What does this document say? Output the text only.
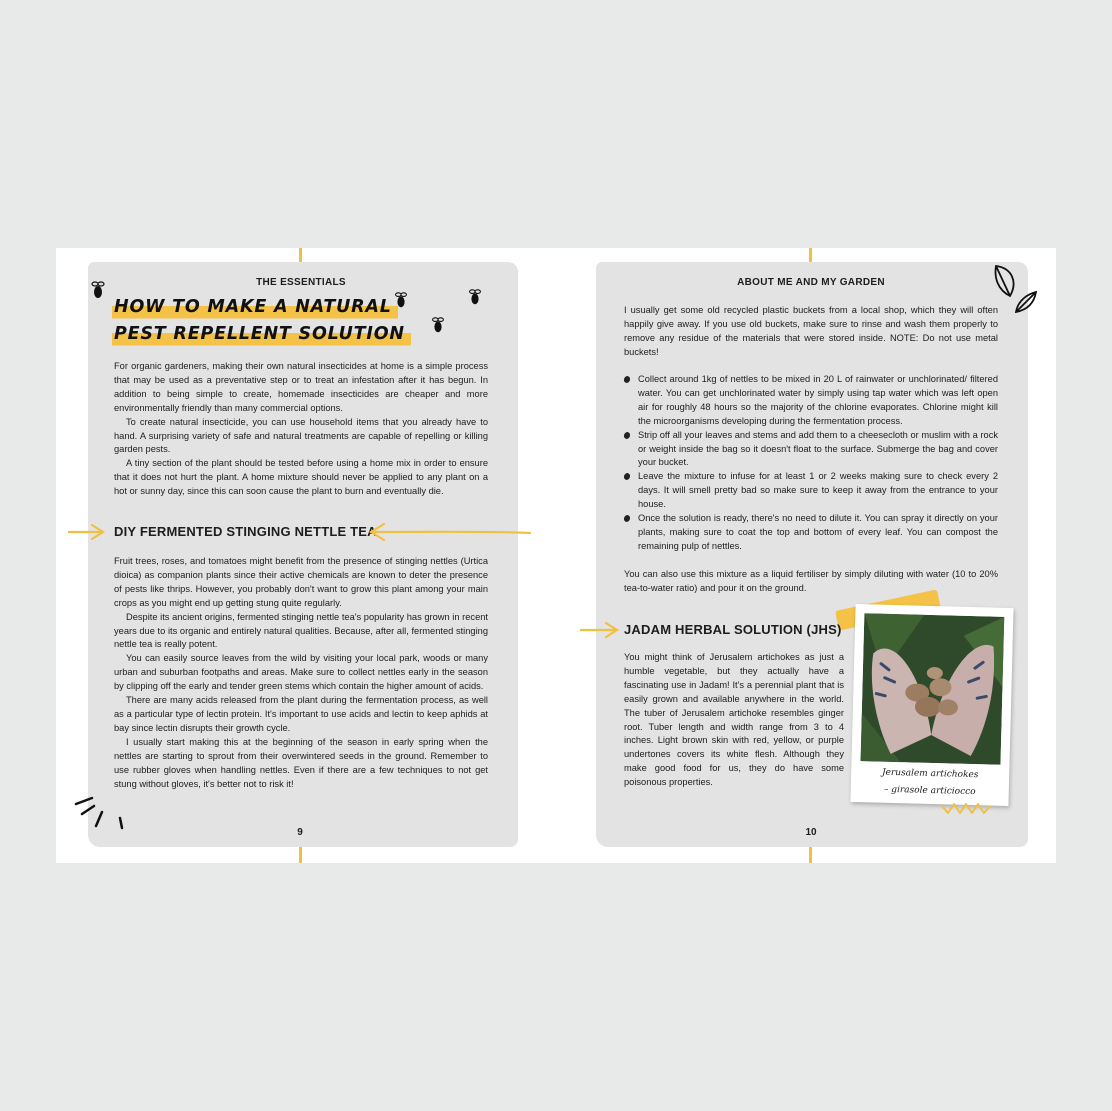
THE ESSENTIALS
HOW TO MAKE A NATURAL
PEST REPELLENT SOLUTION

For organic gardeners, making their own natural insecticides at home is a simple process that may be used as a preventative step or to treat an infestation after it has begun. In addition to being simple to create, homemade insecticides are cheaper and more environmentally friendly than many commercial options.

To create natural insecticide, you can use household items that you already have to hand. A surprising variety of safe and natural treatments are capable of repelling or killing garden pests.

A tiny section of the plant should be tested before using a home mix in order to ensure that it does not hurt the plant. A home mixture should never be applied to any plant on a hot or sunny day, since this can soon cause the plant to burn and eventually die.

DIY FERMENTED STINGING NETTLE TEA

Fruit trees, roses, and tomatoes might benefit from the presence of stinging nettles (Urtica dioica) as companion plants since their active chemicals are known to deter the presence of pests like thrips. However, you probably don't want to grow this plant among your main crops as you might end up getting stung quite regularly.

Despite its ancient origins, fermented stinging nettle tea's popularity has grown in recent years due to its organic and entirely natural qualities. Because, after all, fermented stinging nettle tea is really potent.

You can easily source leaves from the wild by visiting your local park, woods or many urban and suburban footpaths and areas. Make sure to collect nettles early in the season by clipping off the early and tender green stems which contain the higher amount of acids.

There are many acids released from the plant during the fermentation process, as well as a particular type of lectin protein. It's important to use acids and lectin to keep aphids at bay since lectin disrupts their growth cycle.

I usually start making this at the beginning of the season in early spring when the nettles are starting to sprout from their overwintered seeds in the ground. Remember to use rubber gloves when handling nettles. Even if there are a few techniques to not get stung without gloves, it's better not to risk it!

9
ABOUT ME AND MY GARDEN
I usually get some old recycled plastic buckets from a local shop, which they will often happily give away. If you use old buckets, make sure to rinse and wash them properly to remove any residue of the materials that were stored inside. NOTE: Do not use metal buckets!
Collect around 1kg of nettles to be mixed in 20 L of rainwater or unchlorinated/ filtered water. You can get unchlorinated water by simply using tap water which was left open air for roughly 48 hours so the majority of the chlorine evaporates. Chlorine might kill the microorganisms developing during the fermentation process.
Strip off all your leaves and stems and add them to a cheesecloth or muslim with a rock or weight inside the bag so it doesn't float to the surface. Submerge the bag and cover your bucket.
Leave the mixture to infuse for at least 1 or 2 weeks making sure to check every 2 days. It will smell pretty bad so make sure to keep it away from the entrance to your house.
Once the solution is ready, there's no need to dilute it. You can spray it directly on your plants, making sure to coat the top and bottom of every leaf. You can compost the remaining pulp of nettles.
You can also use this mixture as a liquid fertiliser by simply diluting with water (10 to 20% tea-to-water ratio) and pour it on the ground.
JADAM HERBAL SOLUTION (JHS)
You might think of Jerusalem artichokes as just a humble vegetable, but they actually have a fascinating use in Jadam! It's a perennial plant that is easily grown and available anywhere in the world. The tuber of Jerusalem artichoke resembles ginger root. Tuber length and width range from 3 to 4 inches. Light brown skin with red, yellow, or purple undertones covers its white flesh. Although they make good food for us, they do have some poisonous properties.
Jerusalem artichokes
– girasole articiocco
10
